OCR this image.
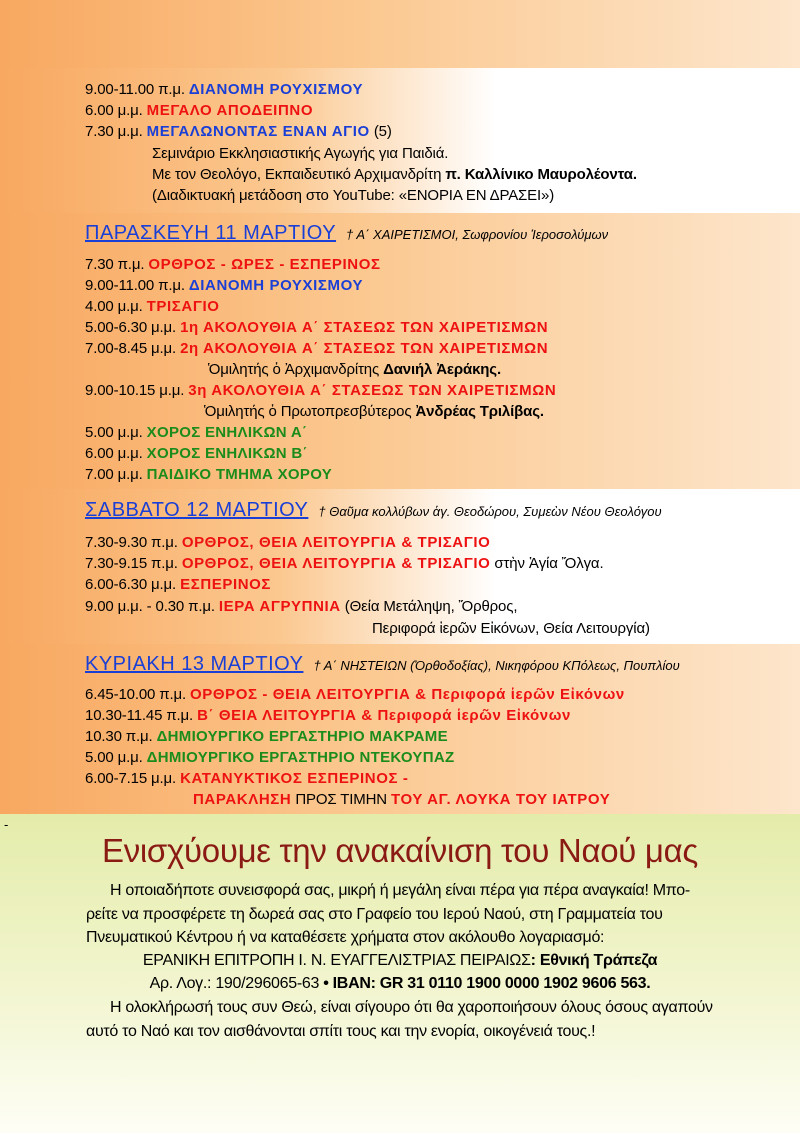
9.00-11.00 π.μ. ΔΙΑΝΟΜΗ ΡΟΥΧΙΣΜΟΥ
6.00 μ.μ. ΜΕΓΑΛΟ ΑΠΟΔΕΙΠΝΟ
7.30 μ.μ. ΜΕΓΑΛΩΝΟΝΤΑΣ ΕΝΑΝ ΑΓΙΟ (5)
Σεμινάριο Εκκλησιαστικής Αγωγής για Παιδιά.
Με τον Θεολόγο, Εκπαιδευτικό Αρχιμανδρίτη π. Καλλίνικο Μαυρολέοντα.
(Διαδικτυακή μετάδοση στο YouTube: «ΕΝΟΡΙΑ ΕΝ ΔΡΑΣΕΙ»)
ΠΑΡΑΣΚΕΥΗ 11 ΜΑΡΤΙΟΥ † Α΄ ΧΑΙΡΕΤΙΣΜΟΙ, Σωφρονίου Ἱεροσολύμων
7.30 π.μ. ΟΡΘΡΟΣ - ΩΡΕΣ - ΕΣΠΕΡΙΝΟΣ
9.00-11.00 π.μ. ΔΙΑΝΟΜΗ ΡΟΥΧΙΣΜΟΥ
4.00 μ.μ. ΤΡΙΣΑΓΙΟ
5.00-6.30 μ.μ. 1η ΑΚΟΛΟΥΘΙΑ Α΄ ΣΤΑΣΕΩΣ ΤΩΝ ΧΑΙΡΕΤΙΣΜΩΝ
7.00-8.45 μ.μ. 2η ΑΚΟΛΟΥΘΙΑ Α΄ ΣΤΑΣΕΩΣ ΤΩΝ ΧΑΙΡΕΤΙΣΜΩΝ
Ὁμιλητής ὁ Ἀρχιμανδρίτης Δανιήλ Ἀεράκης.
9.00-10.15 μ.μ. 3η ΑΚΟΛΟΥΘΙΑ Α΄ ΣΤΑΣΕΩΣ ΤΩΝ ΧΑΙΡΕΤΙΣΜΩΝ
Ὁμιλητής ὁ Πρωτοπρεσβύτερος Ἀνδρέας Τριλίβας.
5.00 μ.μ. ΧΟΡΟΣ ΕΝΗΛΙΚΩΝ Α΄
6.00 μ.μ. ΧΟΡΟΣ ΕΝΗΛΙΚΩΝ Β΄
7.00 μ.μ. ΠΑΙΔΙΚΟ ΤΜΗΜΑ ΧΟΡΟΥ
ΣΑΒΒΑΤΟ 12 ΜΑΡΤΙΟΥ † Θαῦμα κολλύβων ἁγ. Θεοδώρου, Συμεὼν Νέου Θεολόγου
7.30-9.30 π.μ. ΟΡΘΡΟΣ, ΘΕΙΑ ΛΕΙΤΟΥΡΓΙΑ & ΤΡΙΣΑΓΙΟ
7.30-9.15 π.μ. ΟΡΘΡΟΣ, ΘΕΙΑ ΛΕΙΤΟΥΡΓΙΑ & ΤΡΙΣΑΓΙΟ στὴν Ἁγία Ὄλγα.
6.00-6.30 μ.μ. ΕΣΠΕΡΙΝΟΣ
9.00 μ.μ. - 0.30 π.μ. ΙΕΡΑ ΑΓΡΥΠΝΙΑ (Θεία Μετάληψη, Ὄρθρος,
Περιφορά ἱερῶν Εἰκόνων, Θεία Λειτουργία)
ΚΥΡΙΑΚΗ 13 ΜΑΡΤΙΟΥ † Α΄ ΝΗΣΤΕΙΩΝ (Ὀρθοδοξίας), Νικηφόρου ΚΠόλεως, Πουπλίου
6.45-10.00 π.μ. ΟΡΘΡΟΣ - ΘΕΙΑ ΛΕΙΤΟΥΡΓΙΑ & Περιφορά ἱερῶν Εἰκόνων
10.30-11.45 π.μ. Β΄ ΘΕΙΑ ΛΕΙΤΟΥΡΓΙΑ & Περιφορά ἱερῶν Εἰκόνων
10.30 π.μ. ΔΗΜΙΟΥΡΓΙΚΟ ΕΡΓΑΣΤΗΡΙΟ ΜΑΚΡΑΜΕ
5.00 μ.μ. ΔΗΜΙΟΥΡΓΙΚΟ ΕΡΓΑΣΤΗΡΙΟ ΝΤΕΚΟΥΠΑΖ
6.00-7.15 μ.μ. ΚΑΤΑΝΥΚΤΙΚΟΣ ΕΣΠΕΡΙΝΟΣ -
ΠΑΡΑΚΛΗΣΗ ΠΡΟΣ ΤΙΜΗΝ ΤΟΥ ΑΓ. ΛΟΥΚΑ ΤΟΥ ΙΑΤΡΟΥ
-
Ενισχύουμε την ανακαίνιση του Ναού μας
Η οποιαδήποτε συνεισφορά σας, μικρή ή μεγάλη είναι πέρα για πέρα αναγκαία! Μπο-
ρείτε να προσφέρετε τη δωρεά σας στο Γραφείο του Ιερού Ναού, στη Γραμματεία του
Πνευματικού Κέντρου ή να καταθέσετε χρήματα στον ακόλουθο λογαριασμό:
ΕΡΑΝΙΚΗ ΕΠΙΤΡΟΠΗ Ι. Ν. ΕΥΑΓΓΕΛΙΣΤΡΙΑΣ ΠΕΙΡΑΙΩΣ: Εθνική Τράπεζα
Αρ. Λογ.: 190/296065-63 • IBAN: GR 31 0110 1900 0000 1902 9606 563.
Η ολοκλήρωσή τους συν Θεώ, είναι σίγουρο ότι θα χαροποιήσουν όλους όσους αγαπούν
αυτό το Ναό και τον αισθάνονται σπίτι τους και την ενορία, οικογένειά τους.!
